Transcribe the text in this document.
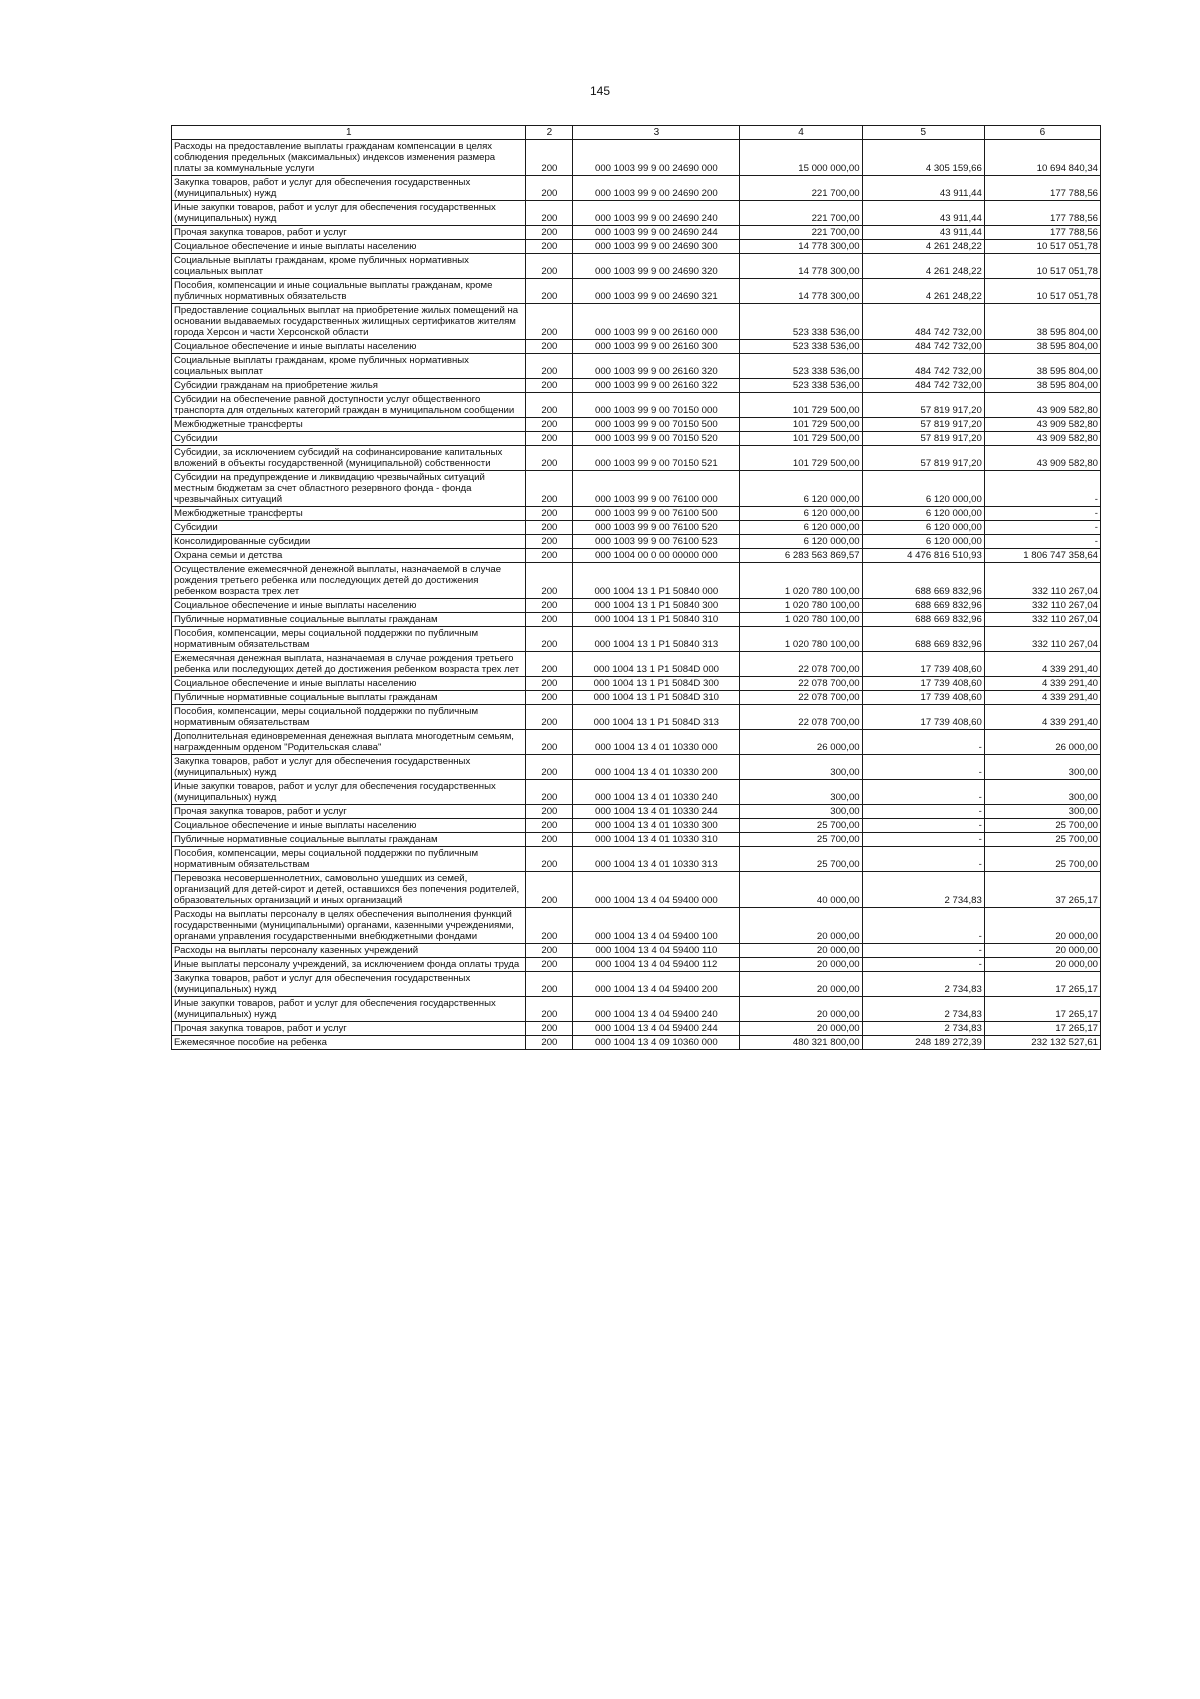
145
1	2	3	4	5	6
Расходы на предоставление выплаты гражданам компенсации в целях соблюдения предельных (максимальных) индексов изменения размера платы за коммунальные услуги	200	000 1003 99 9 00 24690 000	15 000 000,00	4 305 159,66	10 694 840,34
Закупка товаров, работ и услуг для обеспечения государственных (муниципальных) нужд	200	000 1003 99 9 00 24690 200	221 700,00	43 911,44	177 788,56
Иные закупки товаров, работ и услуг для обеспечения государственных (муниципальных) нужд	200	000 1003 99 9 00 24690 240	221 700,00	43 911,44	177 788,56
Прочая закупка товаров, работ и услуг	200	000 1003 99 9 00 24690 244	221 700,00	43 911,44	177 788,56
Социальное обеспечение и иные выплаты населению	200	000 1003 99 9 00 24690 300	14 778 300,00	4 261 248,22	10 517 051,78
Социальные выплаты гражданам, кроме публичных нормативных социальных выплат	200	000 1003 99 9 00 24690 320	14 778 300,00	4 261 248,22	10 517 051,78
Пособия, компенсации и иные социальные выплаты гражданам, кроме публичных нормативных обязательств	200	000 1003 99 9 00 24690 321	14 778 300,00	4 261 248,22	10 517 051,78
Предоставление социальных выплат на приобретение жилых помещений на основании выдаваемых государственных жилищных сертификатов жителям города Херсон и части Херсонской области	200	000 1003 99 9 00 26160 000	523 338 536,00	484 742 732,00	38 595 804,00
Социальное обеспечение и иные выплаты населению	200	000 1003 99 9 00 26160 300	523 338 536,00	484 742 732,00	38 595 804,00
Социальные выплаты гражданам, кроме публичных нормативных социальных выплат	200	000 1003 99 9 00 26160 320	523 338 536,00	484 742 732,00	38 595 804,00
Субсидии гражданам на приобретение жилья	200	000 1003 99 9 00 26160 322	523 338 536,00	484 742 732,00	38 595 804,00
Субсидии на обеспечение равной доступности услуг общественного транспорта для отдельных категорий граждан в муниципальном сообщении	200	000 1003 99 9 00 70150 000	101 729 500,00	57 819 917,20	43 909 582,80
Межбюджетные трансферты	200	000 1003 99 9 00 70150 500	101 729 500,00	57 819 917,20	43 909 582,80
Субсидии	200	000 1003 99 9 00 70150 520	101 729 500,00	57 819 917,20	43 909 582,80
Субсидии, за исключением субсидий на софинансирование капитальных вложений в объекты государственной (муниципальной) собственности	200	000 1003 99 9 00 70150 521	101 729 500,00	57 819 917,20	43 909 582,80
Субсидии на предупреждение и ликвидацию чрезвычайных ситуаций местным бюджетам за счет областного резервного фонда - фонда чрезвычайных ситуаций	200	000 1003 99 9 00 76100 000	6 120 000,00	6 120 000,00	-
Межбюджетные трансферты	200	000 1003 99 9 00 76100 500	6 120 000,00	6 120 000,00	-
Субсидии	200	000 1003 99 9 00 76100 520	6 120 000,00	6 120 000,00	-
Консолидированные субсидии	200	000 1003 99 9 00 76100 523	6 120 000,00	6 120 000,00	-
Охрана семьи и детства	200	000 1004 00 0 00 00000 000	6 283 563 869,57	4 476 816 510,93	1 806 747 358,64
Осуществление ежемесячной денежной выплаты, назначаемой в случае рождения третьего ребенка или последующих детей до достижения ребенком возраста трех лет	200	000 1004 13 1 P1 50840 000	1 020 780 100,00	688 669 832,96	332 110 267,04
Социальное обеспечение и иные выплаты населению	200	000 1004 13 1 P1 50840 300	1 020 780 100,00	688 669 832,96	332 110 267,04
Публичные нормативные социальные выплаты гражданам	200	000 1004 13 1 P1 50840 310	1 020 780 100,00	688 669 832,96	332 110 267,04
Пособия, компенсации, меры социальной поддержки по публичным нормативным обязательствам	200	000 1004 13 1 P1 50840 313	1 020 780 100,00	688 669 832,96	332 110 267,04
Ежемесячная денежная выплата, назначаемая в случае рождения третьего ребенка или последующих детей до достижения ребенком возраста трех лет	200	000 1004 13 1 P1 5084D 000	22 078 700,00	17 739 408,60	4 339 291,40
Социальное обеспечение и иные выплаты населению	200	000 1004 13 1 P1 5084D 300	22 078 700,00	17 739 408,60	4 339 291,40
Публичные нормативные социальные выплаты гражданам	200	000 1004 13 1 P1 5084D 310	22 078 700,00	17 739 408,60	4 339 291,40
Пособия, компенсации, меры социальной поддержки по публичным нормативным обязательствам	200	000 1004 13 1 P1 5084D 313	22 078 700,00	17 739 408,60	4 339 291,40
Дополнительная единовременная денежная выплата многодетным семьям, награжденным орденом "Родительская слава"	200	000 1004 13 4 01 10330 000	26 000,00	-	26 000,00
Закупка товаров, работ и услуг для обеспечения государственных (муниципальных) нужд	200	000 1004 13 4 01 10330 200	300,00	-	300,00
Иные закупки товаров, работ и услуг для обеспечения государственных (муниципальных) нужд	200	000 1004 13 4 01 10330 240	300,00	-	300,00
Прочая закупка товаров, работ и услуг	200	000 1004 13 4 01 10330 244	300,00	-	300,00
Социальное обеспечение и иные выплаты населению	200	000 1004 13 4 01 10330 300	25 700,00	-	25 700,00
Публичные нормативные социальные выплаты гражданам	200	000 1004 13 4 01 10330 310	25 700,00	-	25 700,00
Пособия, компенсации, меры социальной поддержки по публичным нормативным обязательствам	200	000 1004 13 4 01 10330 313	25 700,00	-	25 700,00
Перевозка несовершеннолетних, самовольно ушедших из семей, организаций для детей-сирот и детей, оставшихся без попечения родителей, образовательных организаций и иных организаций	200	000 1004 13 4 04 59400 000	40 000,00	2 734,83	37 265,17
Расходы на выплаты персоналу в целях обеспечения выполнения функций государственными (муниципальными) органами, казенными учреждениями, органами управления государственными внебюджетными фондами	200	000 1004 13 4 04 59400 100	20 000,00	-	20 000,00
Расходы на выплаты персоналу казенных учреждений	200	000 1004 13 4 04 59400 110	20 000,00	-	20 000,00
Иные выплаты персоналу учреждений, за исключением фонда оплаты труда	200	000 1004 13 4 04 59400 112	20 000,00	-	20 000,00
Закупка товаров, работ и услуг для обеспечения государственных (муниципальных) нужд	200	000 1004 13 4 04 59400 200	20 000,00	2 734,83	17 265,17
Иные закупки товаров, работ и услуг для обеспечения государственных (муниципальных) нужд	200	000 1004 13 4 04 59400 240	20 000,00	2 734,83	17 265,17
Прочая закупка товаров, работ и услуг	200	000 1004 13 4 04 59400 244	20 000,00	2 734,83	17 265,17
Ежемесячное пособие на ребенка	200	000 1004 13 4 09 10360 000	480 321 800,00	248 189 272,39	232 132 527,61
